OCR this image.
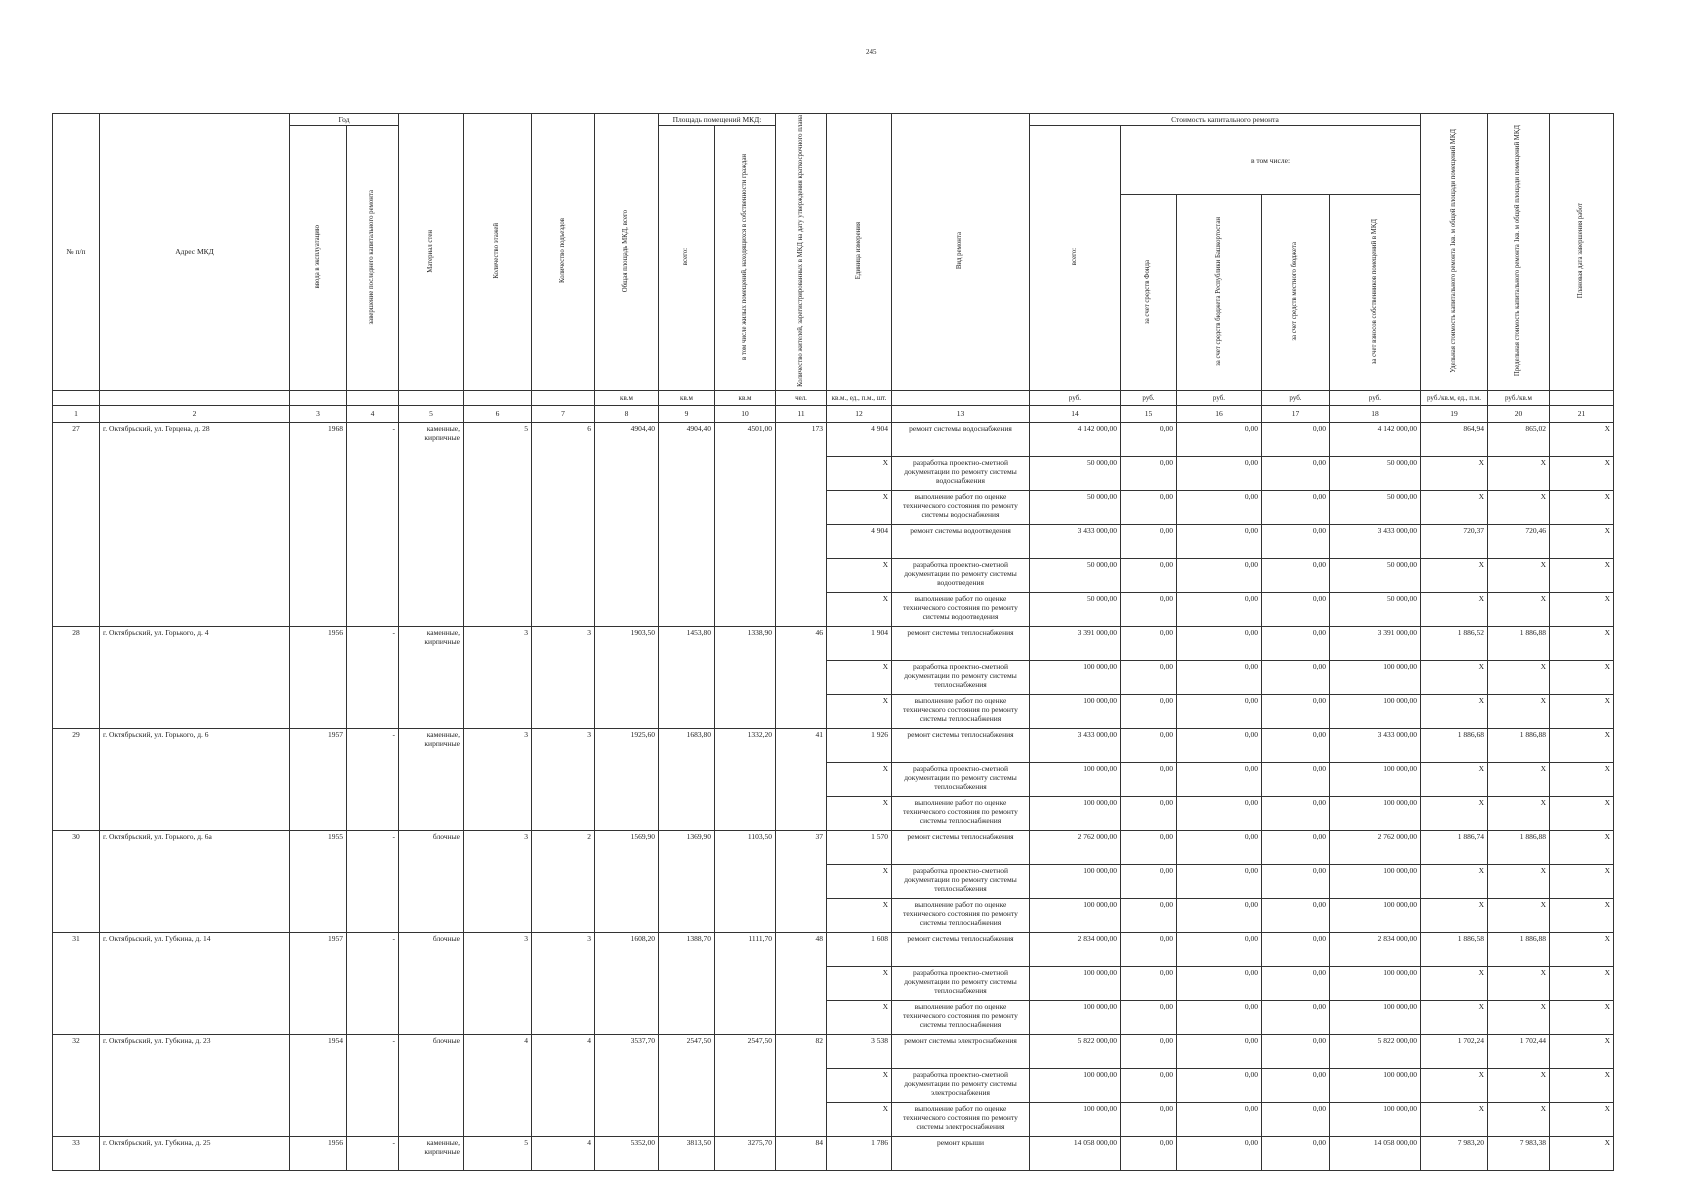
245
№ п/п	Адрес МКД	Год		Материал стен	Количество этажей	Количество подъездов	Общая площадь МКД, всего	Площадь помещений МКД:		Количество жителей, зарегистрированных в МКД на дату утверждения краткосрочного плана	Единица измерения	Вид ремонта	Стоимость капитального ремонта					Удельная стоимость капитального ремонта 1кв. м общей площади помещений МКД	Предельная стоимость капитального ремонта 1кв. м общей площади помещений МКД	Плановая дата завершения работ
		ввода в эксплуатацию	завершение последнего капитального ремонта					всего:	в том числе жилых помещений, находящихся в собственности граждан				всего:	в том числе:						
														за счет средств Фонда	за счет средств бюджета Республики Башкортостан	за счет средств местного бюджета	за счет взносов собственников помещений в МКД			
							кв.м	кв.м	кв.м	чел.	кв.м., ед., п.м., шт.		руб.	руб.	руб.	руб.	руб.	руб./кв.м, ед., п.м.	руб./кв.м	
1	2	3	4	5	6	7	8	9	10	11	12	13	14	15	16	17	18	19	20	21
27	г. Октябрьский, ул. Герцена, д. 28	1968	-	каменные, кирпичные	5	6	4904,40	4904,40	4501,00	173	4 904	ремонт системы водоснабжения	4 142 000,00	0,00	0,00	0,00	4 142 000,00	864,94	865,02	X
											X	разработка проектно-сметной документации по ремонту системы водоснабжения	50 000,00	0,00	0,00	0,00	50 000,00	X	X	X
											X	выполнение работ по оценке технического состояния по ремонту системы водоснабжения	50 000,00	0,00	0,00	0,00	50 000,00	X	X	X
											4 904	ремонт системы водоотведения	3 433 000,00	0,00	0,00	0,00	3 433 000,00	720,37	720,46	X
											X	разработка проектно-сметной документации по ремонту системы водоотведения	50 000,00	0,00	0,00	0,00	50 000,00	X	X	X
											X	выполнение работ по оценке технического состояния по ремонту системы водоотведения	50 000,00	0,00	0,00	0,00	50 000,00	X	X	X
28	г. Октябрьский, ул. Горького, д. 4	1956	-	каменные, кирпичные	3	3	1903,50	1453,80	1338,90	46	1 904	ремонт системы теплоснабжения	3 391 000,00	0,00	0,00	0,00	3 391 000,00	1 886,52	1 886,88	X
											X	разработка проектно-сметной документации по ремонту системы теплоснабжения	100 000,00	0,00	0,00	0,00	100 000,00	X	X	X
											X	выполнение работ по оценке технического состояния по ремонту системы теплоснабжения	100 000,00	0,00	0,00	0,00	100 000,00	X	X	X
29	г. Октябрьский, ул. Горького, д. 6	1957	-	каменные, кирпичные	3	3	1925,60	1683,80	1332,20	41	1 926	ремонт системы теплоснабжения	3 433 000,00	0,00	0,00	0,00	3 433 000,00	1 886,68	1 886,88	X
											X	разработка проектно-сметной документации по ремонту системы теплоснабжения	100 000,00	0,00	0,00	0,00	100 000,00	X	X	X
											X	выполнение работ по оценке технического состояния по ремонту системы теплоснабжения	100 000,00	0,00	0,00	0,00	100 000,00	X	X	X
30	г. Октябрьский, ул. Горького, д. 6а	1955	-	блочные	3	2	1569,90	1369,90	1103,50	37	1 570	ремонт системы теплоснабжения	2 762 000,00	0,00	0,00	0,00	2 762 000,00	1 886,74	1 886,88	X
											X	разработка проектно-сметной документации по ремонту системы теплоснабжения	100 000,00	0,00	0,00	0,00	100 000,00	X	X	X
											X	выполнение работ по оценке технического состояния по ремонту системы теплоснабжения	100 000,00	0,00	0,00	0,00	100 000,00	X	X	X
31	г. Октябрьский, ул. Губкина, д. 14	1957	-	блочные	3	3	1608,20	1388,70	1111,70	48	1 608	ремонт системы теплоснабжения	2 834 000,00	0,00	0,00	0,00	2 834 000,00	1 886,58	1 886,88	X
											X	разработка проектно-сметной документации по ремонту системы теплоснабжения	100 000,00	0,00	0,00	0,00	100 000,00	X	X	X
											X	выполнение работ по оценке технического состояния по ремонту системы теплоснабжения	100 000,00	0,00	0,00	0,00	100 000,00	X	X	X
32	г. Октябрьский, ул. Губкина, д. 23	1954	-	блочные	4	4	3537,70	2547,50	2547,50	82	3 538	ремонт системы электроснабжения	5 822 000,00	0,00	0,00	0,00	5 822 000,00	1 702,24	1 702,44	X
											X	разработка проектно-сметной документации по ремонту системы электроснабжения	100 000,00	0,00	0,00	0,00	100 000,00	X	X	X
											X	выполнение работ по оценке технического состояния по ремонту системы электроснабжения	100 000,00	0,00	0,00	0,00	100 000,00	X	X	X
33	г. Октябрьский, ул. Губкина, д. 25	1956	-	каменные, кирпичные	5	4	5352,00	3813,50	3275,70	84	1 786	ремонт крыши	14 058 000,00	0,00	0,00	0,00	14 058 000,00	7 983,20	7 983,38	X
